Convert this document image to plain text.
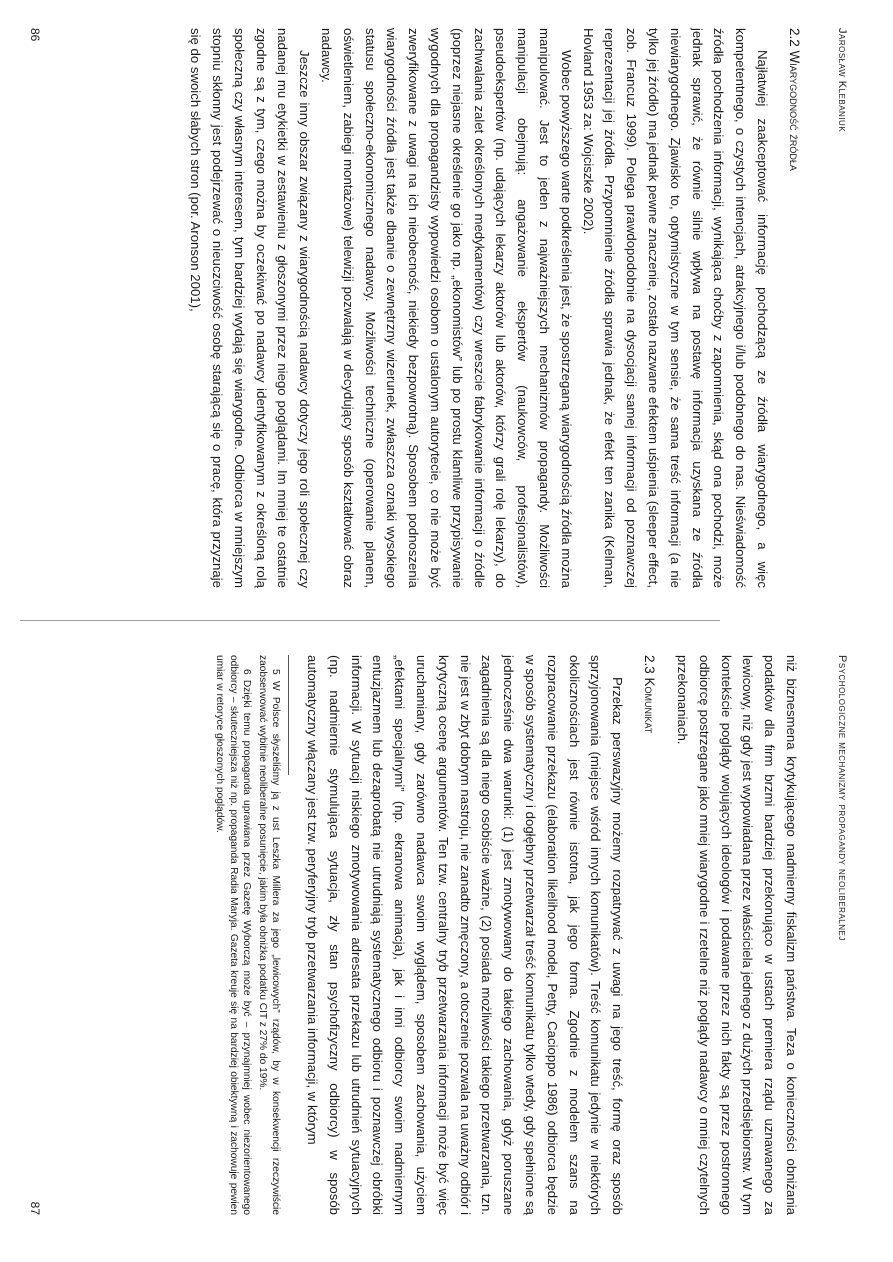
Jarosław Klebaniuk
2.2 Wiarygodność źródła

Najłatwiej zaakceptować informację pochodzącą ze źródła wiarygodnego, a więc kompetentnego, o czystych intencjach, atrakcyjnego i/lub podobnego do nas. Nieświadomość źródła pochodzenia informacji, wynikająca choćby z zapomnienia, skąd ona pochodzi, może jednak sprawić, że równie silnie wpływa na postawę informacja uzyskana ze źródła niewiarygodnego. Zjawisko to, optymistyczne w tym sensie, że sama treść informacji (a nie tylko jej źródło) ma jednak pewne znaczenie, zostało nazwane efektem uśpienia (sleeper effect, zob. Francuz 1999). Polega prawdopodobnie na dysocjacji samej informacji od poznawczej reprezentacji jej źródła. Przypomnienie źródła sprawia jednak, że efekt ten zanika (Kelman, Hovland 1953 za: Wojciszke 2002).

Wobec powyższego warte podkreślenia jest, że spostrzeganą wiarygodnością źródła można manipulować. Jest to jeden z najważniejszych mechanizmów propagandy. Możliwości manipulacji obejmują: angażowanie ekspertów (naukowców, profesjonalistów), pseudoekspertów (np. udających lekarzy aktorów lub aktorów, którzy grali rolę lekarzy), do zachwalania zalet określonych medykamentów) czy wreszcie fabrykowanie informacji o źródle (poprzez niejasne określenie go jako np. „ekonomistów” lub po prostu klamliwe przypisywanie wygodnych dla propagandzisty wypowiedzi osobom o ustalonym autorytecie, co nie może być zweryfikowane z uwagi na ich nieobecność, niekiedy bezpowrotną). Sposobem podnoszenia wiarygodności źródła jest także dbanie o zewnętrzny wizerunek, zwłaszcza oznaki wysokiego statusu społeczno-ekonomicznego nadawcy. Możliwości techniczne (operowanie planem, oświetleniem, zabiegi montażowe) telewizji pozwalają w decydujący sposób kształtować obraz nadawcy.

Jeszcze inny obszar związany z wiarygodnością nadawcy dotyczy jego roli społecznej czy nadanej mu etykietki w zestawieniu z głoszonymi przez niego poglądami. Im mniej te ostatnie zgodne są z tym, czego można by oczekiwać po nadawcy identyfikowanym z określoną rolą społeczną czy własnym interesem, tym bardziej wydają się wiarygodne. Odbiorca w mniejszym stopniu skłonny jest podejrzewać o nieuczciwość osobę starającą się o pracę, która przyznaje się do swoich słabych stron (por. Aronson 2001),

86
Psychologiczne mechanizmy propagandy neoliberalnej

niż biznesmena krytykującego nadmierny fiskalizm państwa. Teza o konieczności obniżania podatków dla firm brzmi bardziej przekonująco w ustach premiera rządu uznawanego za lewicowy, niż gdy jest wypowiadana przez właściciela jednego z dużych przedsiębiorstw. W tym kontekście poglądy wojujących ideologów i podawane przez nich fakty są przez postronnego odbiorcę postrzegane jako mniej wiarygodne i rzetelne niż poglądy nadawcy o mniej czytelnych przekonaniach.

2.3 Komunikat

Przekaz perswazyjny możemy rozpatrywać z uwagi na jego treść, formę oraz sposób sprzyjonowania (miejsce wśród innych komunikatów). Treść komunikatu jedynie w niektórych okolicznościach jest równie istotna, jak jego forma. Zgodnie z modelem szans na rozpracowanie przekazu (elaboration likelihood model, Petty, Cacioppo 1986) odbiorca będzie w sposób systematyczny i dogłębny przetwarzał treść komunikatu tylko wtedy, gdy spełnione są jednocześnie dwa warunki: (1) jest zmotywowany do takiego zachowania, gdyż poruszane zagadnienia są dla niego osobiście ważne, (2) posiada możliwości takiego przetwarzania, tzn. nie jest w zbyt dobrym nastroju, nie zanadto zmęczony, a otoczenie pozwala na uważny odbiór i krytyczną ocenę argumentów. Ten tzw. centralny tryb przetwarzania informacji może być więc uruchamiany, gdy zarówno nadawca swoim wyglądem, sposobem zachowania, użyciem „efektami specjalnymi” (np. ekranowa animacja), jak i inni odbiorcy swoim nadmiernym entuzjazmem lub dezaprobatą nie utrudniają systematycznego odbioru i poznawczej obróbki informacji. W sytuacji niskiego zmotywowania adresata przekazu lub utrudnień sytuacyjnych (np. nadmiernie stymulująca sytuacja, zły stan psychofizyczny odbiorcy) w sposób automatyczny włączany jest tzw. peryferyjny tryb przetwarzania informacji, w którym

5 W Polsce słyszeliśmy ją z ust Leszka Millera za jego „lewicowych” rządów, by w konsekwencji rzeczywiście zaobserwować wybitnie neoliberalne posunięcie, jakim była obniżka podatku CIT z 27% do 19%.

6 Dzięki temu propaganda uprawiana przez Gazetę Wyborczą może być – przynajmniej wobec niezorientowanego odbiorcy – skuteczniejsza niż np. propaganda Radia Maryja. Gazeta kreuje się na bardziej obiektywną i zachowuje pewien umiar w retoryce głoszonych poglądów.

87
